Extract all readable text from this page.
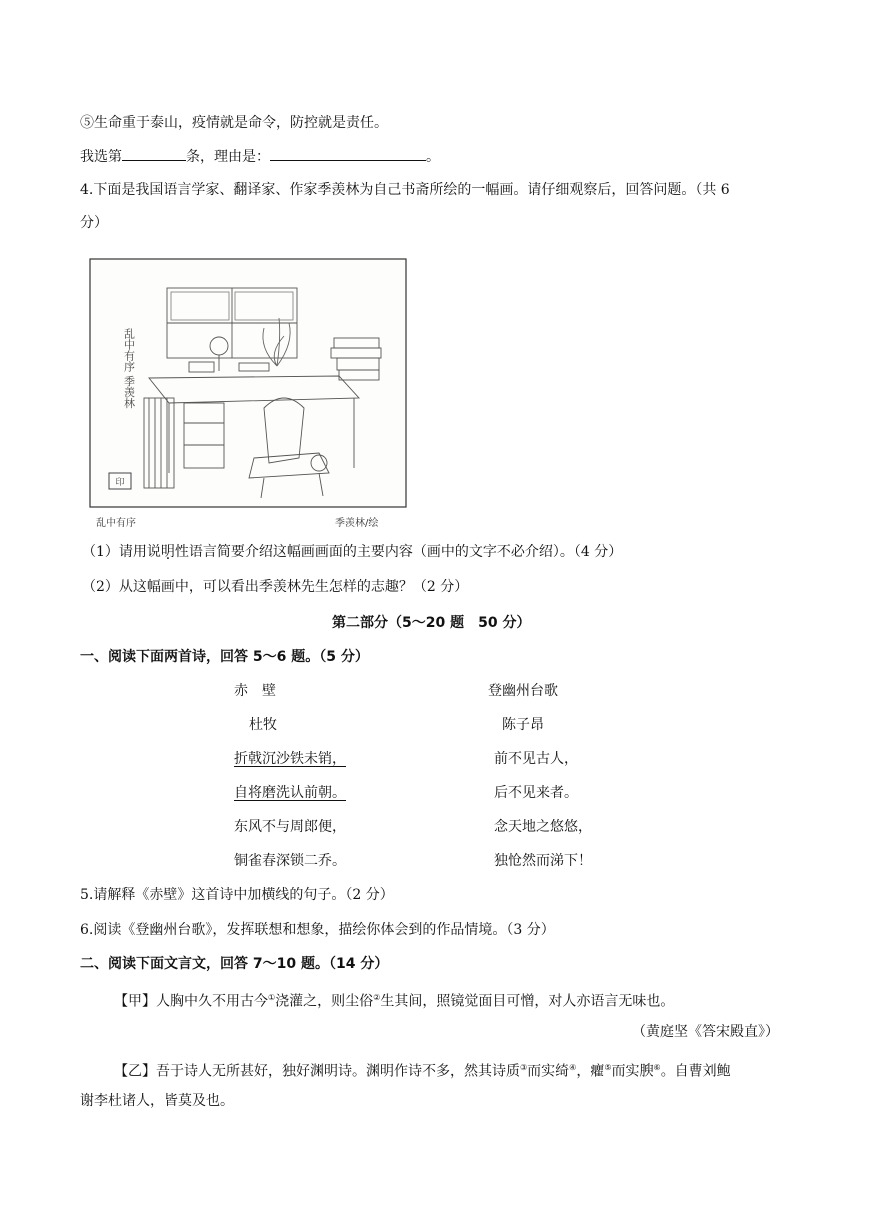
⑤生命重于泰山，疫情就是命令，防控就是责任。
我选第	条，理由是：	。
4.下面是我国语言学家、翻译家、作家季羡林为自己书斋所绘的一幅画。请仔细观察后，回答问题。（共 6
分）
乱中有序 季羡林
印
乱中有序	季羡林/绘
（1）请用说明性语言简要介绍这幅画画面的主要内容（画中的文字不必介绍）。（4 分）
（2）从这幅画中，可以看出季羡林先生怎样的志趣？（2 分）
第二部分（5～20 题　50 分）
一、阅读下面两首诗，回答 5～6 题。（5 分）
赤　壁
杜牧
折戟沉沙铁未销，
自将磨洗认前朝。
东风不与周郎便，
铜雀春深锁二乔。
登幽州台歌
陈子昂
前不见古人，
后不见来者。
念天地之悠悠，
独怆然而涕下！
5.请解释《赤壁》这首诗中加横线的句子。（2 分）
6.阅读《登幽州台歌》，发挥联想和想象，描绘你体会到的作品情境。（3 分）
二、阅读下面文言文，回答 7～10 题。（14 分）
【甲】人胸中久不用古今①浇灌之，则尘俗②生其间，照镜觉面目可憎，对人亦语言无味也。
（黄庭坚《答宋殿直》）
【乙】吾于诗人无所甚好，独好渊明诗。渊明作诗不多，然其诗质③而实绮④，癯⑤而实腴⑥。自曹刘鲍
谢李杜诸人，皆莫及也。
